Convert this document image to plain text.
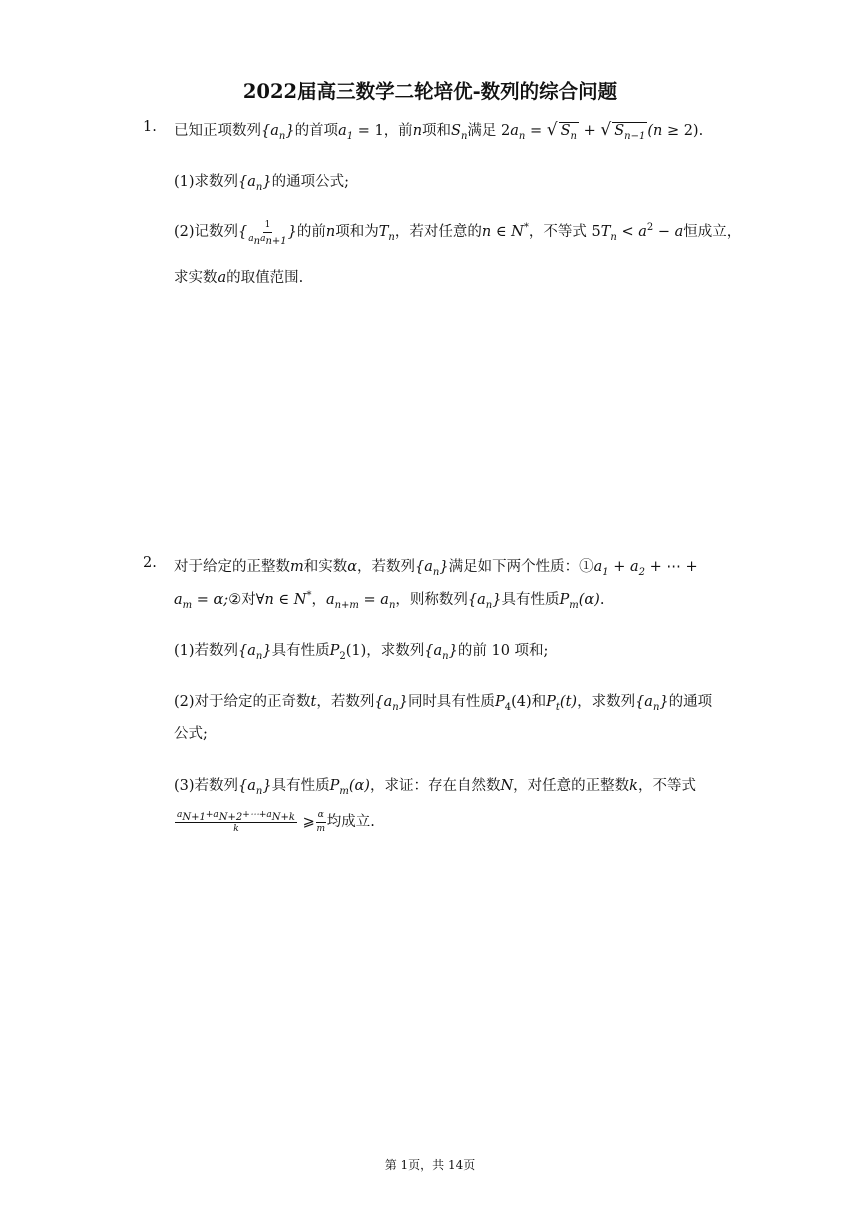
2022届高三数学二轮培优-数列的综合问题
1. 已知正项数列$\{a_n\}$的首项$a_1 = 1$，前n项和$S_n$满足 $2a_n$ = √ $S_n$ + √ $S_{n-1}$ (n ≥ 2).
(1)求数列$\{a_n\}$的通项公式;
(2)记数列{ $\frac{1}{a_na_{n+1}}$ }的前n项和为$T_n$，若对任意的n ∈ N*，不等式 $5T_n < a^2 - a$恒成立，
求实数a的取值范围.
2. 对于给定的正整数m和实数α，若数列$\{a_n\}$满足如下两个性质：$①a_1 + a_2$ + ⋯ +
$a_m$ = α;②对∀n ∈ N*，$a_{n+m} = a_n$，则称数列$\{a_n\}$具有性质$P_m(\alpha)$.
(1)若数列$\{a_n\}$具有性质$P_2(1)$，求数列$\{a_n\}$的前 10 项和;
(2)对于给定的正奇数t，若数列$\{a_n\}$同时具有性质$P_4(4)$和$P_t(t)$，求数列$\{a_n\}$的通项
公式;
(3)若数列$\{a_n\}$具有性质$P_m(\alpha)$，求证：存在自然数N，对任意的正整数k，不等式
$\frac{a_{N+1}+a_{N+2}+\cdots+a_{N+k}}{k}$ ⩾ $\frac{\alpha}{m}$ 均成立.
第 1页，共 14页
